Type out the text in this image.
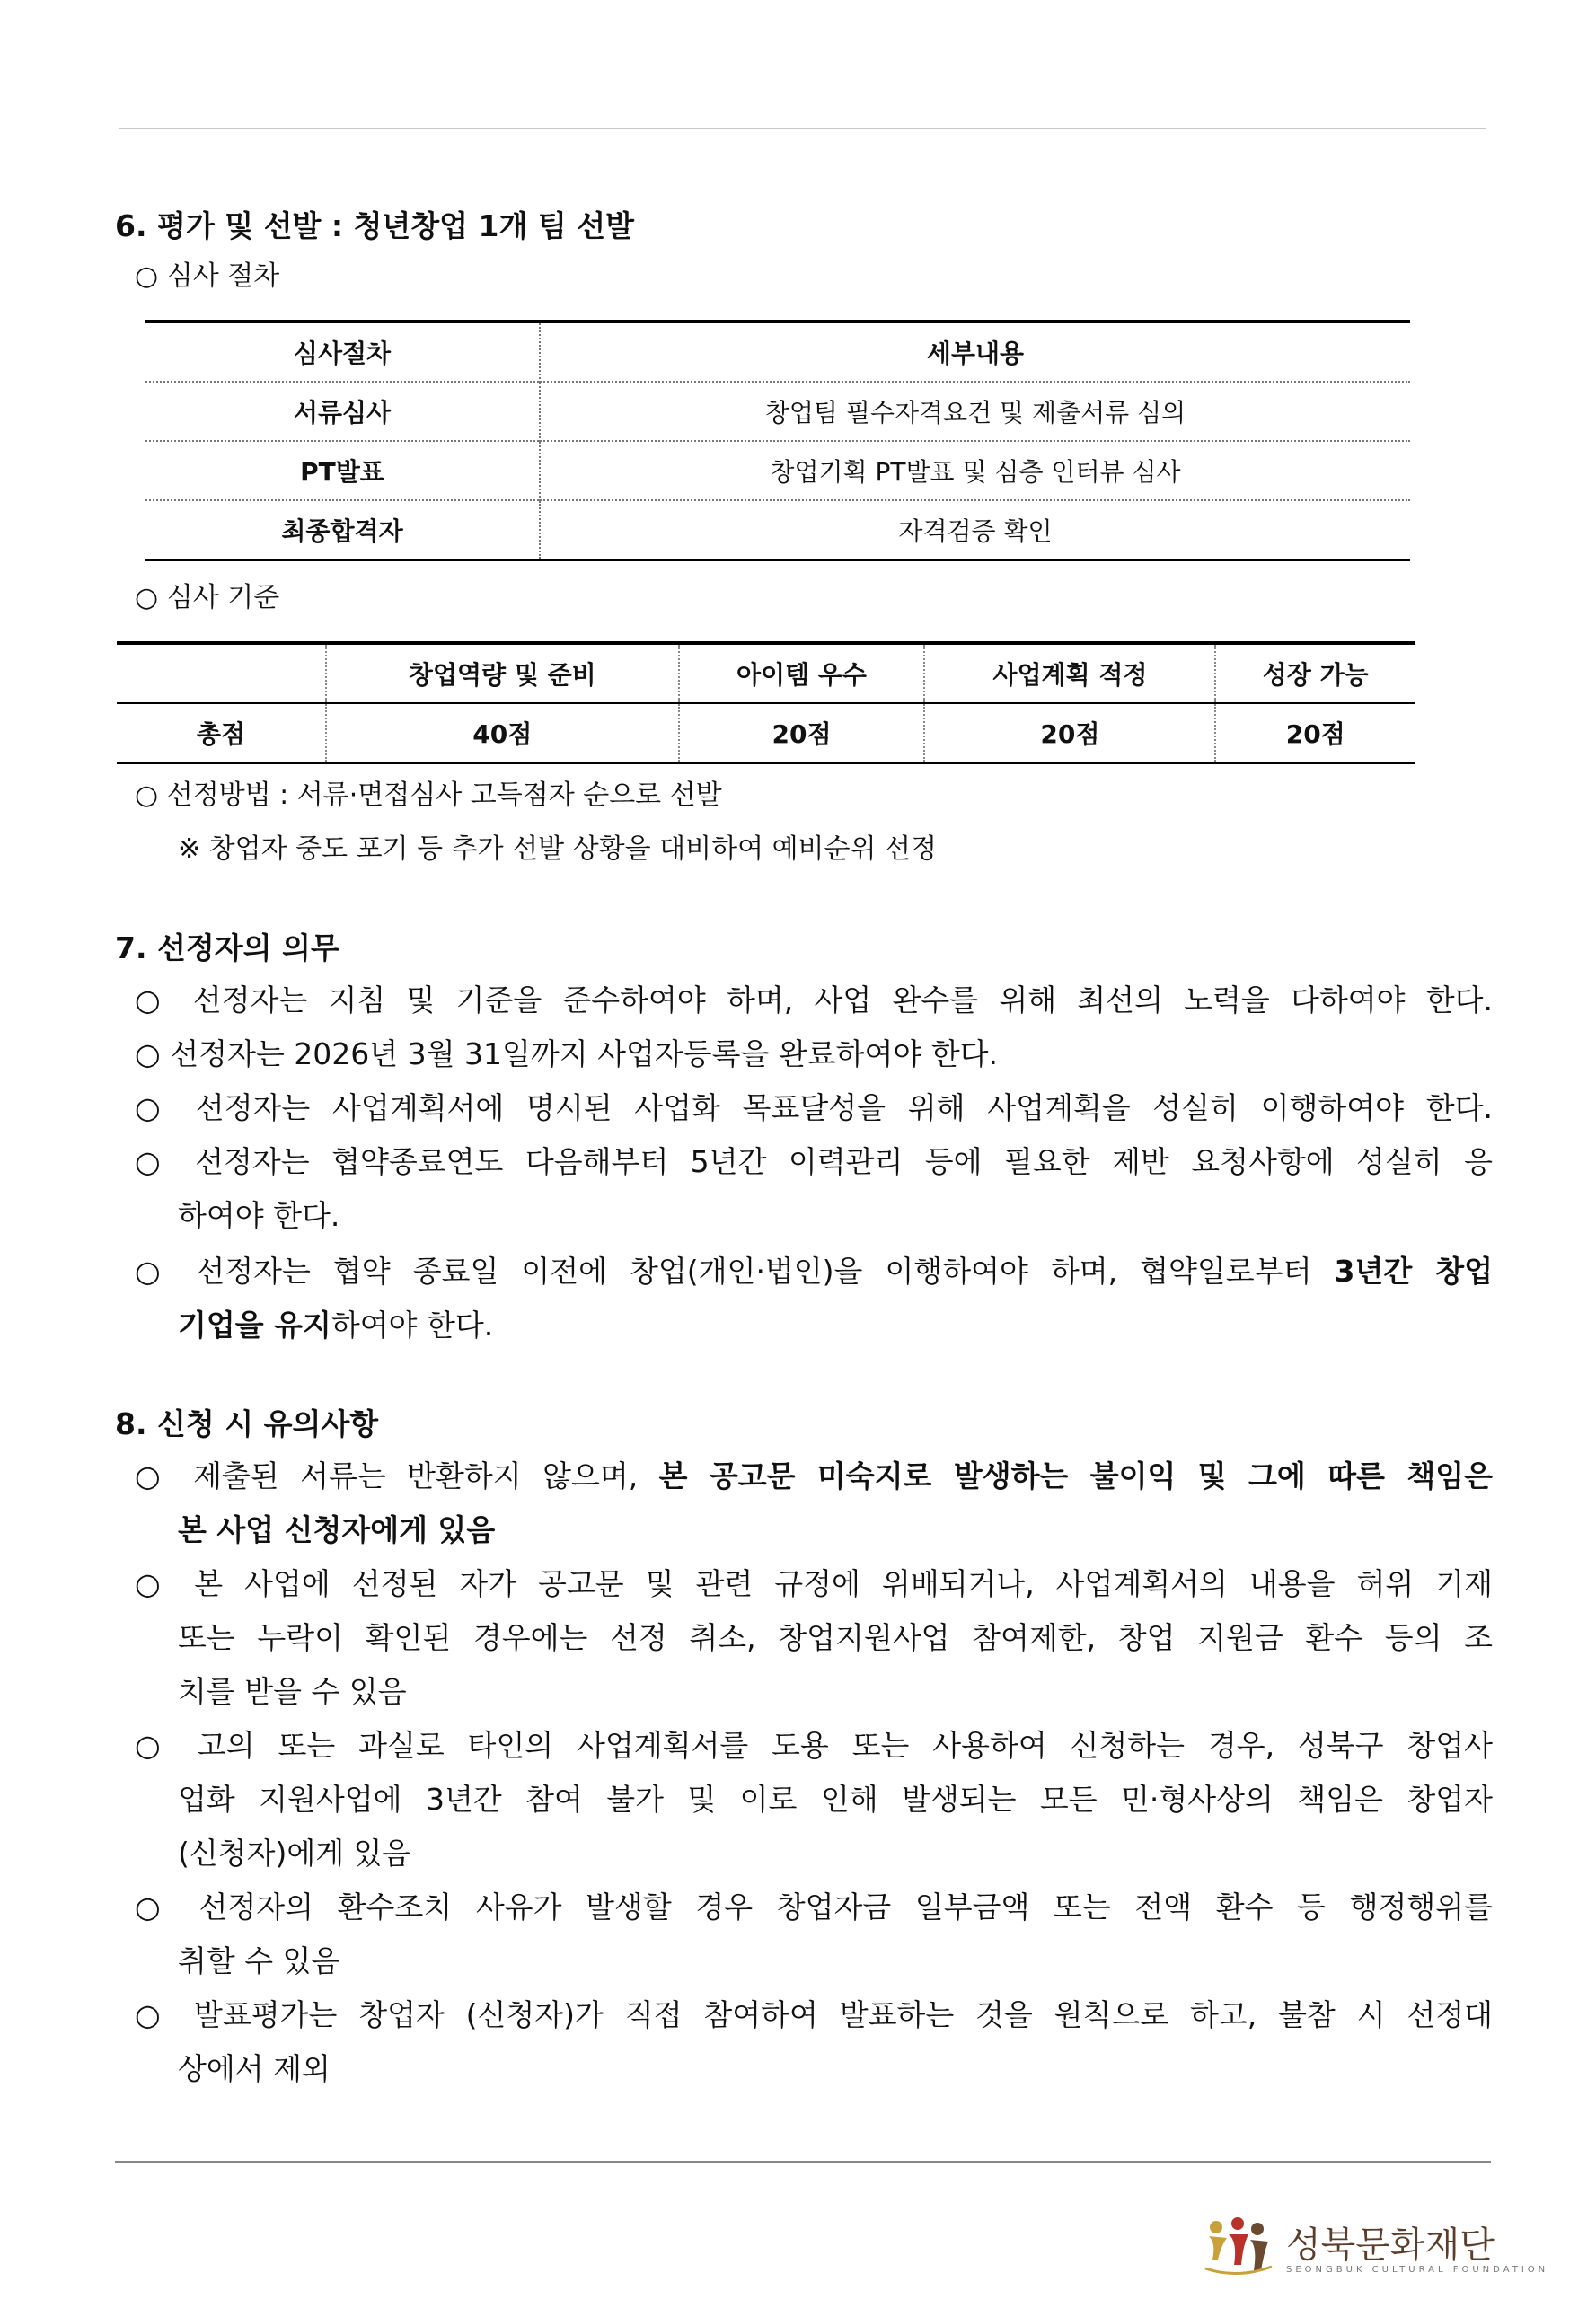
6. 평가 및 선발 : 청년창업 1개 팀 선발
○ 심사 절차
심사절차	세부내용
서류심사	창업팀 필수자격요건 및 제출서류 심의
PT발표	창업기획 PT발표 및 심층 인터뷰 심사
최종합격자	자격검증 확인
○ 심사 기준
	창업역량 및 준비	아이템 우수	사업계획 적정	성장 가능
총점	40점	20점	20점	20점
○ 선정방법 : 서류·면접심사 고득점자 순으로 선발
※ 창업자 중도 포기 등 추가 선발 상황을 대비하여 예비순위 선정
7. 선정자의 의무

○ 선정자는 지침 및 기준을 준수하여야 하며, 사업 완수를 위해 최선의 노력을 다하여야 한다.

○ 선정자는 2026년 3월 31일까지 사업자등록을 완료하여야 한다.

○ 선정자는 사업계획서에 명시된 사업화 목표달성을 위해 사업계획을 성실히 이행하여야 한다.

○ 선정자는 협약종료연도 다음해부터 5년간 이력관리 등에 필요한 제반 요청사항에 성실히 응

하여야 한다.

○ 선정자는 협약 종료일 이전에 창업(개인·법인)을 이행하여야 하며, 협약일로부터 3년간 창업

기업을 유지하여야 한다.

8. 신청 시 유의사항

○ 제출된 서류는 반환하지 않으며, 본 공고문 미숙지로 발생하는 불이익 및 그에 따른 책임은

본 사업 신청자에게 있음

○ 본 사업에 선정된 자가 공고문 및 관련 규정에 위배되거나, 사업계획서의 내용을 허위 기재

또는 누락이 확인된 경우에는 선정 취소, 창업지원사업 참여제한, 창업 지원금 환수 등의 조

치를 받을 수 있음

○ 고의 또는 과실로 타인의 사업계획서를 도용 또는 사용하여 신청하는 경우, 성북구 창업사

업화 지원사업에 3년간 참여 불가 및 이로 인해 발생되는 모든 민·형사상의 책임은 창업자

(신청자)에게 있음

○ 선정자의 환수조치 사유가 발생할 경우 창업자금 일부금액 또는 전액 환수 등 행정행위를

취할 수 있음

○ 발표평가는 창업자 (신청자)가 직접 참여하여 발표하는 것을 원칙으로 하고, 불참 시 선정대

상에서 제외

성북문화재단
SEONGBUK CULTURAL FOUNDATION
